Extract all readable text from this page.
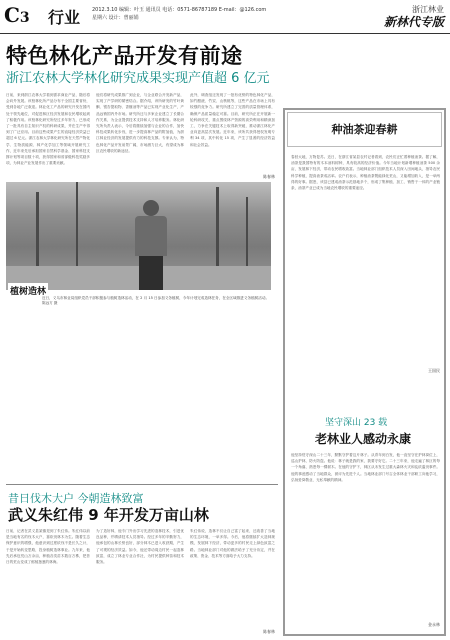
C3 行业 2012.3.10 编辑：叶玉 通讯员 电话：0571-86787189 E-mail：@126.com
星期六 设计：曾丽娟
浙江林业
新林代专版
特色林化产品开发有前途
浙江农林大学林化研究成果实现产值超 6 亿元
日前，来到浙江农林大学看到需求商业产品，随后将会向外发展。该校林化所产品分布于全国主要省份，受到各地广泛欢迎。林业化工产品的研究开发在国内处于领先地位，对促进林区经济发展和农民增收起到了积极作用。该校林化研究所经过多年努力，已形成了一批具有自主知识产权的科研成果，并在生产中得到了广泛应用。目前这些成果产生的直接经济效益已超过 6 亿元。浙江农林大学林化研究所在天然产物化学、生物质能源、林产化学加工等领域开展研究工作，近年来先后承担国家自然科学基金、国家科技支撑计划等项目数十项，获得国家和省部级科技奖励多项，为林业产业发展作出了重要贡献。
他们将研究成果推广到企业，与企业联合开发新产品，实现了产学研的紧密结合。据介绍，该所研发的竹叶黄酮、银杏提取物、香榧油等产品已实现产业化生产，产品远销国内外市场。研究所还与多家企业建立了长期合作关系，为企业提供技术支持和人才培养服务。林化研究所负责人表示，今后将继续加强与企业的合作，加快科技成果转化步伐，进一步提高林产品的附加值，为浙江林业经济的发展提供有力的科技支撑。专家认为，特色林化产品开发前景广阔，市场潜力巨大，有望成为林区农民增收的新途径。
此外，调查组还发现了一批有优势的特色林化产品，如竹醋液、竹炭、山核桃等，这些产品在市场上具有较强的竞争力。研究所建立了完善的质量管理体系，确保产品质量稳定可靠。目前，研究所正在开展新一轮科研攻关，重点围绕林产资源的高效利用和精深加工，力争在关键技术上取得新突破，推动浙江林化产业向更高层次发展。近年来，该所共获得授权发明专利 34 项，其中转化 15 项，产生了显著的经济效益和社会效益。
陈春林
植树造林
近日，义乌市林业局组织党员干部积极参与植树造林活动，在 2 月 15 日参加义务植树，今年计划完成造林任务，在全区域推进义务植树活动。 陈远方 摄
种油茶迎春耕
春回大地，万物复苏。近日，在浙江省某县农村记者看到，农民们正忙着种植油茶。据了解，油茶是我国特有的木本油料树种，具有较高的经济价值。今年当地计划新增种植油茶 500 余亩，发展林下经济，带动农民增收致富。当地林业部门组织技术人员深入田间地头，指导农民科学种植，提高油茶成活率。农户们表示，种植油茶既能绿化荒山，又能增加收入，是一举两得的好事。据悉，该县已建成油茶示范基地多个，形成了集种植、加工、销售于一体的产业链条，油茶产业已成为当地农民增收的重要途径。
王国民
坚守深山 23 载
老林业人感动永康
他坚持驻守深山二十三年，默默守护着这片林子。从青年到白发，他一直坚守在护林岗位上，巡山护林，防火防盗。他说：林子就是我的家，我要守好它。二十三年来，他走遍了林区的每一个角落，熟悉每一棵树木。在他的守护下，林区从未发生过重大森林火灾和乱砍滥伐事件。他的事迹感动了当地群众，被评为先进个人。当地林业部门号召全体林业干部职工向他学习，弘扬爱岗敬业、无私奉献的精神。
金永林
昔日伐木大户 今朝造林致富
武义朱红伟 9 年开发万亩山林
日前，记者在武义县某镇见到了朱红伟。朱红伟以前是当地有名的伐木大户，靠砍伐林木为生。随着生态保护意识的增强，他意识到过度砍伐不是长久之计，于是开始转变思路，投身植树造林事业。九年来，他先后承包荒山万余亩，种植各类苗木数百万株，把昔日的荒山变成了郁郁葱葱的林海。
为了造好林，他专门外出学习先进的造林技术，引进优良品种，并聘请技术人员指导。经过多年的辛勤努力，他承包的山林长势良好，部分林木已进入收获期，产生了可观的经济效益。如今，他还带动周边村民一起造林致富，成立了林业专业合作社，为村民提供种苗和技术服务。
朱红伟说，造林不仅让自己富了起来，还改善了当地的生态环境，一举多得。今后，他将继续扩大造林规模，发展林下经济，带动更多的村民走上绿色致富之路。当地林业部门对他的做法给予了充分肯定，并在政策、资金、技术等方面给予大力支持。
陈春林
